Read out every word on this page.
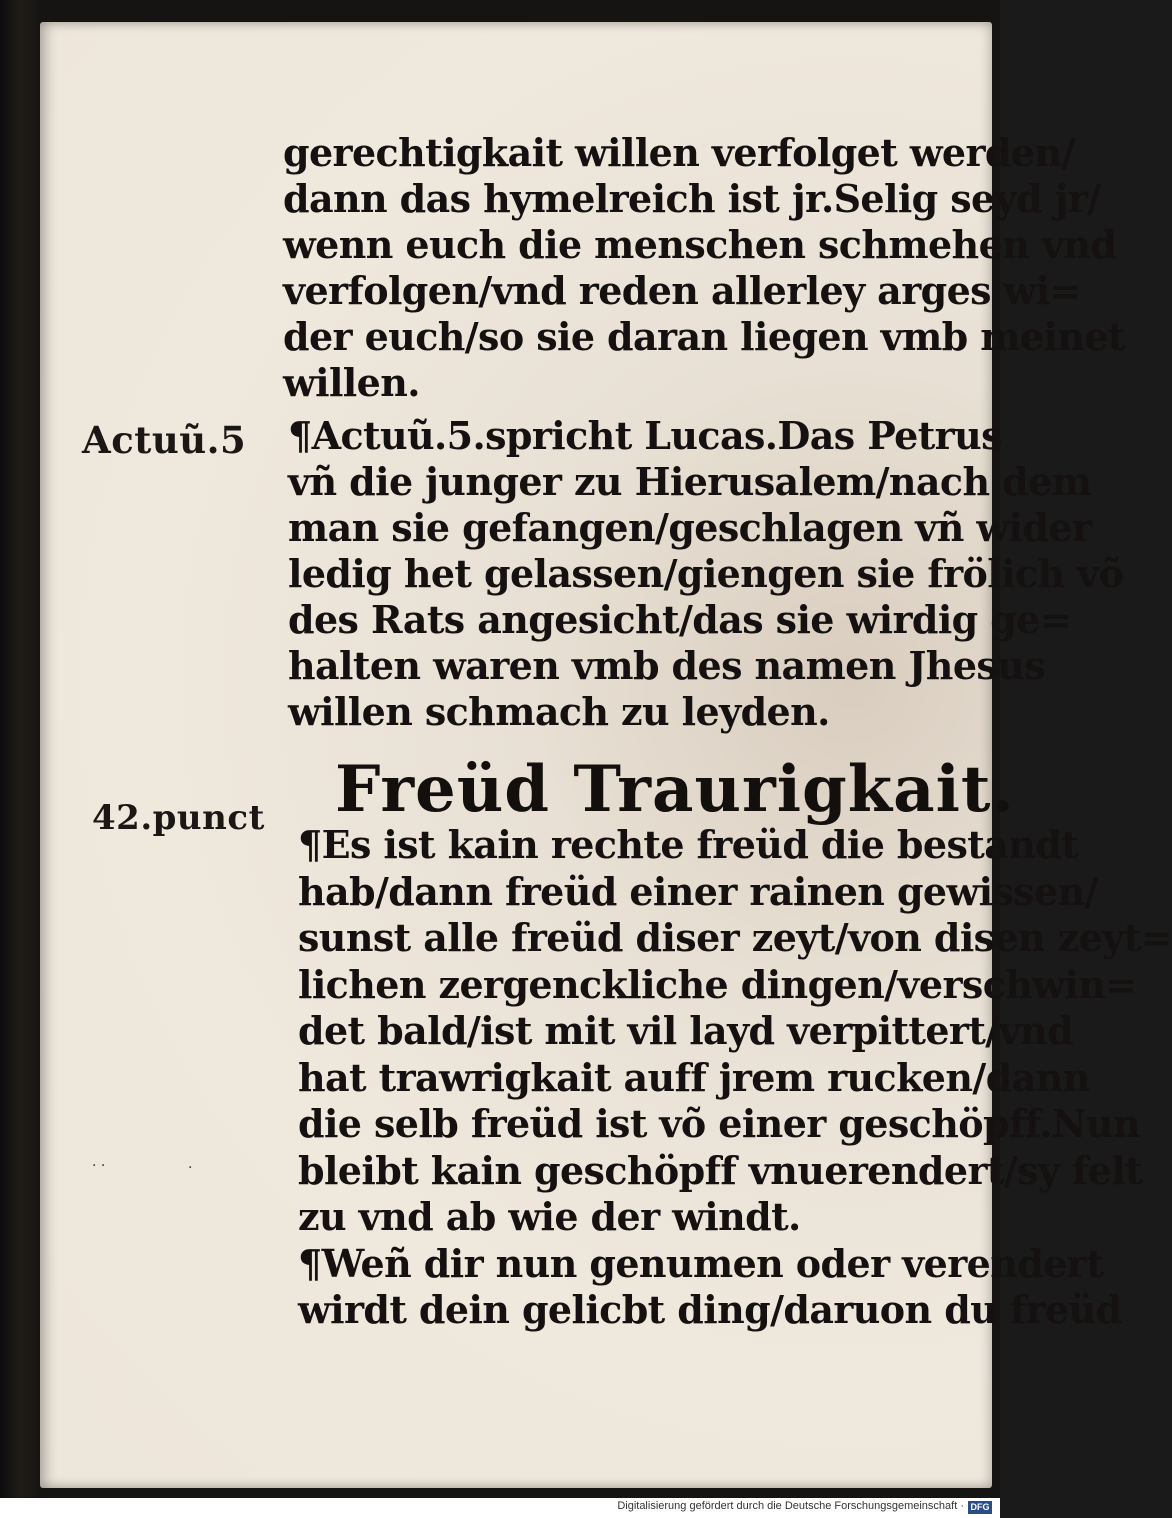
gerechtigkait willen verfolget werden/
dann das hymelreich ist jr.Selig seyd jr/
wenn euch die menschen schmehen vnd
verfolgen/vnd reden allerley arges wi=
der euch/so sie daran liegen vmb meinet
willen.
Actuũ.5 ¶Actuũ.5.spricht Lucas.Das Petrus
vñ die junger zu Hierusalem/nach dem
man sie gefangen/geschlagen vñ wider
ledig het gelassen/giengen sie frölich võ
des Rats angesicht/das sie wirdig ge=
halten waren vmb des namen Jhesus
willen schmach zu leyden.
42.punct Freüd Traurigkait.
¶Es ist kain rechte freüd die bestandt
hab/dann freüd einer rainen gewissen/
sunst alle freüd diser zeyt/von disen zeyt=
lichen zergenckliche dingen/verschwin=
det bald/ist mit vil layd verpittert/vnd
hat trawrigkait auff jrem rucken/dann
die selb freüd ist võ einer geschöpff.Nun
bleibt kain geschöpff vnuerendert/sy felt
zu vnd ab wie der windt.
¶Weñ dir nun genumen oder verendert
wirdt dein gelicbt ding/daruon du freüd
· ·	·
Digitalisierung gefördert durch die Deutsche Forschungsgemeinschaft · DFG
